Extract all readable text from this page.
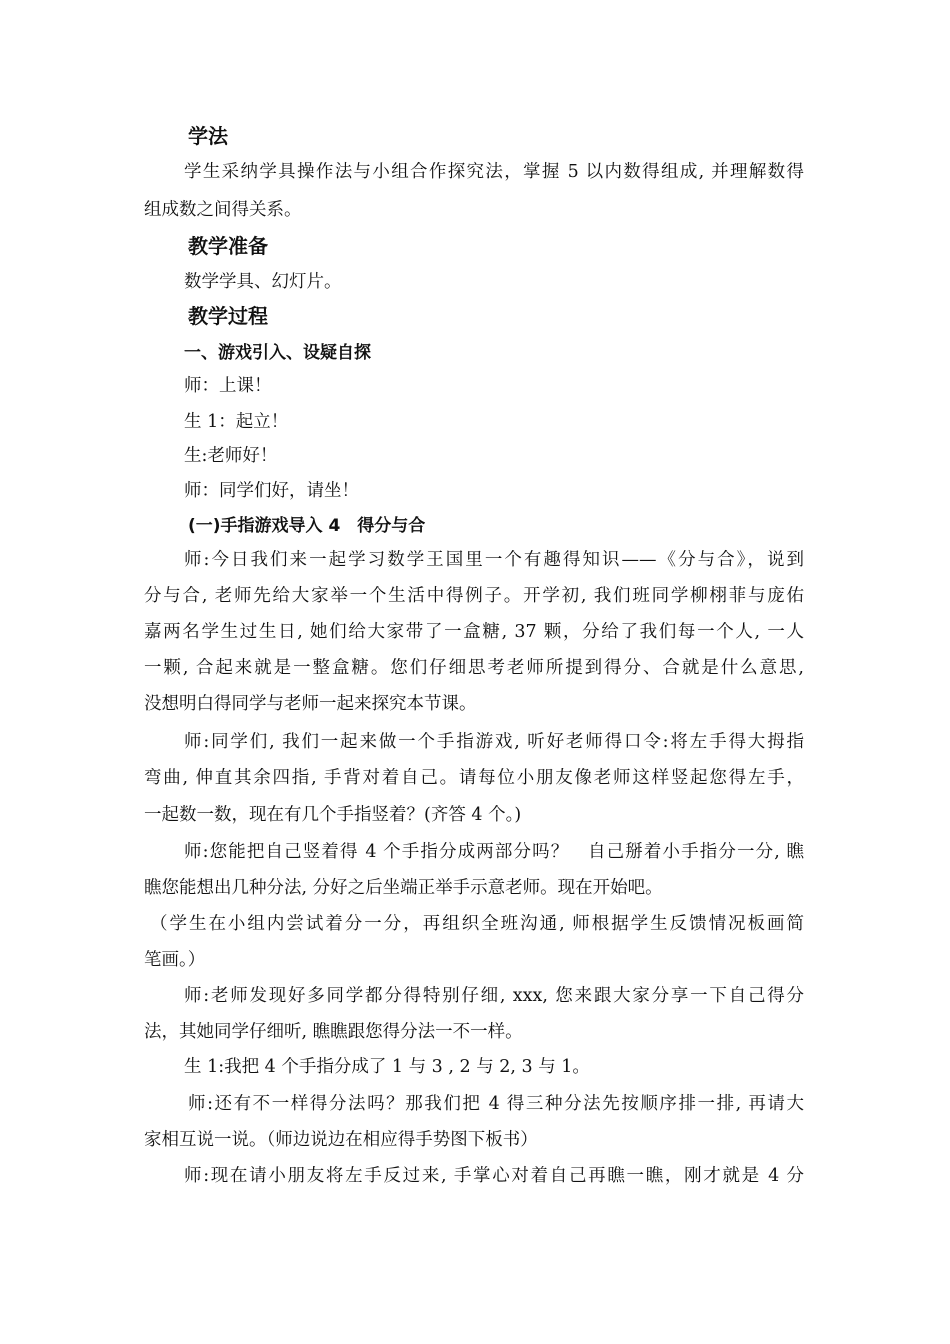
学法
学生采纳学具操作法与小组合作探究法，掌握 5 以内数得组成, 并理解数得
组成数之间得关系。
教学准备
数学学具、幻灯片。
教学过程
一、游戏引入、设疑自探
师：上课！
生 1：起立！
生:老师好！
师：同学们好，请坐！
(一)手指游戏导入 4　得分与合
师:今日我们来一起学习数学王国里一个有趣得知识——《分与合》，说到
分与合, 老师先给大家举一个生活中得例子。开学初, 我们班同学柳栩菲与庞佑
嘉两名学生过生日, 她们给大家带了一盒糖, 37 颗，分给了我们每一个人, 一人
一颗, 合起来就是一整盒糖。您们仔细思考老师所提到得分、合就是什么意思,
没想明白得同学与老师一起来探究本节课。
师:同学们, 我们一起来做一个手指游戏, 听好老师得口令:将左手得大拇指
弯曲, 伸直其余四指, 手背对着自己。请每位小朋友像老师这样竖起您得左手，
一起数一数，现在有几个手指竖着？(齐答 4 个。)
师:您能把自己竖着得 4 个手指分成两部分吗？　自己掰着小手指分一分, 瞧
瞧您能想出几种分法, 分好之后坐端正举手示意老师。现在开始吧。
（学生在小组内尝试着分一分，再组织全班沟通, 师根据学生反馈情况板画简
笔画。）
师:老师发现好多同学都分得特别仔细, xxx, 您来跟大家分享一下自己得分
法，其她同学仔细听, 瞧瞧跟您得分法一不一样。
生 1:我把 4 个手指分成了 1 与 3 , 2 与 2, 3 与 1。
师:还有不一样得分法吗？那我们把 4 得三种分法先按顺序排一排, 再请大
家相互说一说。（师边说边在相应得手势图下板书）
师:现在请小朋友将左手反过来, 手掌心对着自己再瞧一瞧，刚才就是 4 分
